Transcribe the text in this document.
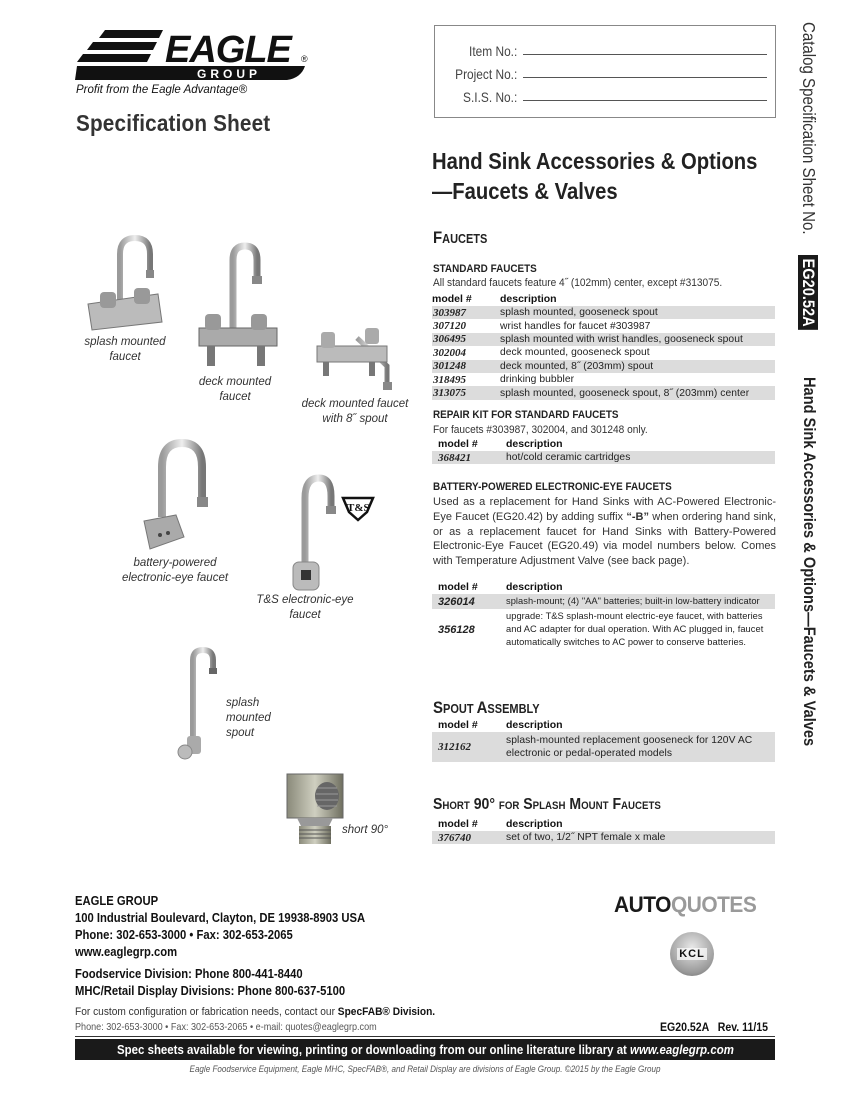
EAGLE
GROUP
®
Profit from the Eagle Advantage®
Specification Sheet
Item No.:
Project No.:
S.I.S. No.:
Hand Sink Accessories & Options
—Faucets & Valves
FAUCETS
STANDARD FAUCETS
All standard faucets feature 4˝ (102mm) center, except #313075.
model #	description
303987	splash mounted, gooseneck spout
307120	wrist handles for faucet #303987
306495	splash mounted with wrist handles, gooseneck spout
302004	deck mounted, gooseneck spout
301248	deck mounted, 8˝ (203mm) spout
318495	drinking bubbler
313075	splash mounted, gooseneck spout, 8˝ (203mm) center
REPAIR KIT FOR STANDARD FAUCETS
For faucets #303987, 302004, and 301248 only.
model #	description
368421	hot/cold ceramic cartridges
BATTERY-POWERED ELECTRONIC-EYE FAUCETS
Used as a replacement for Hand Sinks with AC-Powered Electronic-Eye Faucet (EG20.42) by adding suffix “-B” when ordering hand sink, or as a replacement faucet for Hand Sinks with Battery-Powered Electronic-Eye Faucet (EG20.49) via model numbers below. Comes with Temperature Adjustment Valve (see back page).
model #	description
326014	splash-mount; (4) "AA" batteries; built-in low-battery indicator
356128	upgrade: T&S splash-mount electric-eye faucet, with batteries and AC adapter for dual operation. With AC plugged in, faucet automatically switches to AC power to conserve batteries.
SPOUT ASSEMBLY
model #	description
312162	splash-mounted replacement gooseneck for 120V AC electronic or pedal-operated models
Short 90° for Splash Mount Faucets
model #	description
376740	set of two, 1/2˝ NPT female x male
Catalog Specification Sheet No. EG20.52A
Hand Sink Accessories & Options—Faucets & Valves
splash mounted
faucet
deck mounted
faucet
deck mounted faucet
with 8˝ spout
battery-powered
electronic-eye faucet
T&S
T&S electronic-eye
faucet
splash
mounted
spout
short 90°
EAGLE GROUP
100 Industrial Boulevard, Clayton, DE 19938-8903 USA
Phone: 302-653-3000 • Fax: 302-653-2065
www.eaglegrp.com
Foodservice Division: Phone 800-441-8440
MHC/Retail Display Divisions: Phone 800-637-5100
For custom configuration or fabrication needs, contact our SpecFAB® Division.
Phone: 302-653-3000 • Fax: 302-653-2065 • e-mail: quotes@eaglegrp.com
AUTOQUOTES
KCL
EG20.52A   Rev. 11/15
Spec sheets available for viewing, printing or downloading from our online literature library at www.eaglegrp.com
Eagle Foodservice Equipment, Eagle MHC, SpecFAB®, and Retail Display are divisions of Eagle Group. ©2015 by the Eagle Group
